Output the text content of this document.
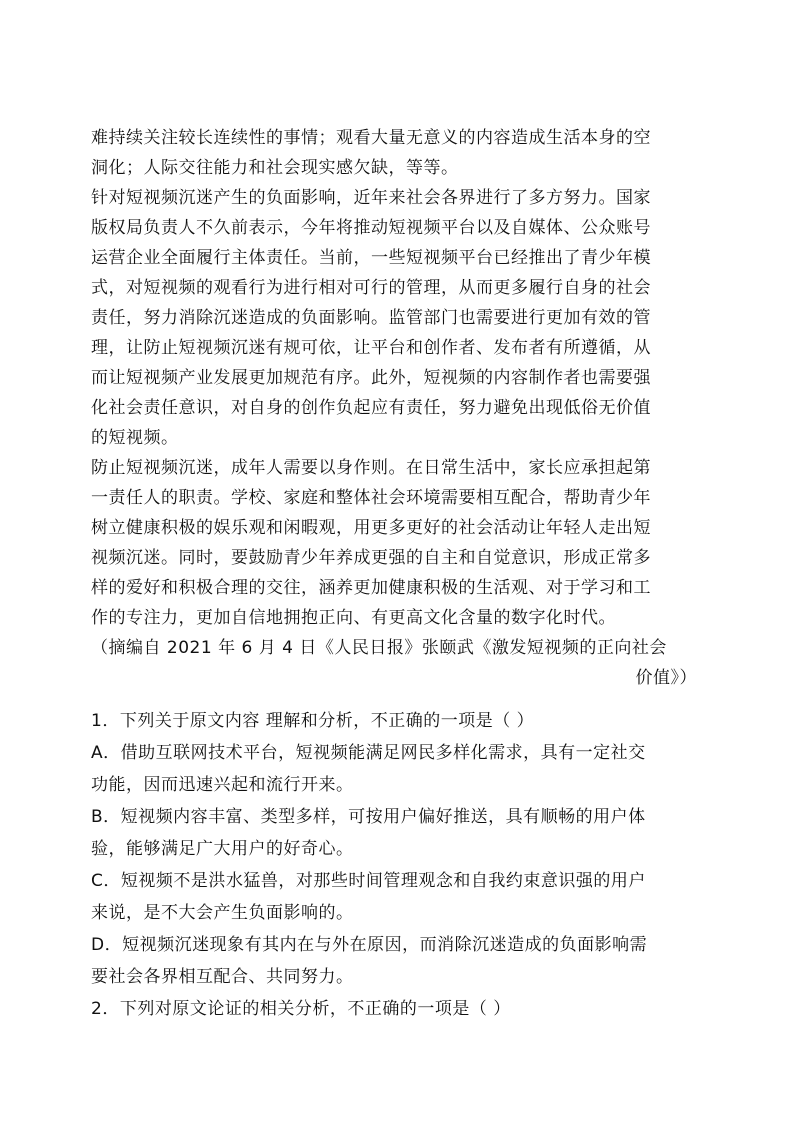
难持续关注较长连续性的事情；观看大量无意义的内容造成生活本身的空
洞化；人际交往能力和社会现实感欠缺，等等。
针对短视频沉迷产生的负面影响，近年来社会各界进行了多方努力。国家
版权局负责人不久前表示，今年将推动短视频平台以及自媒体、公众账号
运营企业全面履行主体责任。当前，一些短视频平台已经推出了青少年模
式，对短视频的观看行为进行相对可行的管理，从而更多履行自身的社会
责任，努力消除沉迷造成的负面影响。监管部门也需要进行更加有效的管
理，让防止短视频沉迷有规可依，让平台和创作者、发布者有所遵循，从
而让短视频产业发展更加规范有序。此外，短视频的内容制作者也需要强
化社会责任意识，对自身的创作负起应有责任，努力避免出现低俗无价值
的短视频。
防止短视频沉迷，成年人需要以身作则。在日常生活中，家长应承担起第
一责任人的职责。学校、家庭和整体社会环境需要相互配合，帮助青少年
树立健康积极的娱乐观和闲暇观，用更多更好的社会活动让年轻人走出短
视频沉迷。同时，要鼓励青少年养成更强的自主和自觉意识，形成正常多
样的爱好和积极合理的交往，涵养更加健康积极的生活观、对于学习和工
作的专注力，更加自信地拥抱正向、有更高文化含量的数字化时代。
（摘编自 2021 年 6 月 4 日《人民日报》张颐武《激发短视频的正向社会
价值》）
1．下列关于原文内容 理解和分析，不正确的一项是（ ）
A．借助互联网技术平台，短视频能满足网民多样化需求，具有一定社交
功能，因而迅速兴起和流行开来。
B．短视频内容丰富、类型多样，可按用户偏好推送，具有顺畅的用户体
验，能够满足广大用户的好奇心。
C．短视频不是洪水猛兽，对那些时间管理观念和自我约束意识强的用户
来说，是不大会产生负面影响的。
D．短视频沉迷现象有其内在与外在原因，而消除沉迷造成的负面影响需
要社会各界相互配合、共同努力。
2．下列对原文论证的相关分析，不正确的一项是（ ）
